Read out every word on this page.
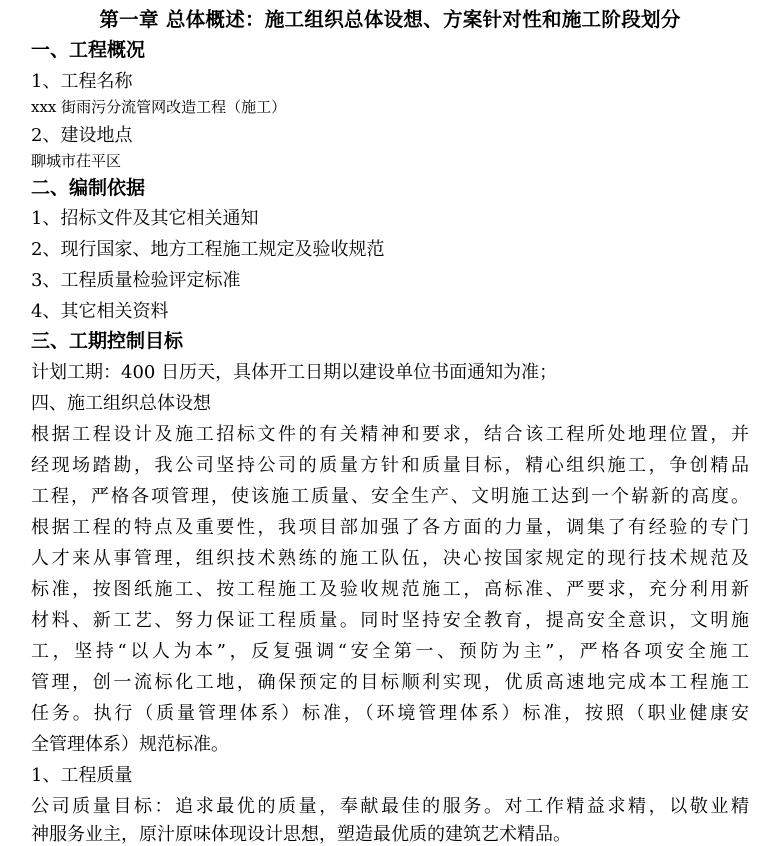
第一章 总体概述：施工组织总体设想、方案针对性和施工阶段划分
一、工程概况
1、工程名称
xxx 街雨污分流管网改造工程（施工）
2、建设地点
聊城市茌平区
二、编制依据
1、招标文件及其它相关通知
2、现行国家、地方工程施工规定及验收规范
3、工程质量检验评定标准
4、其它相关资料
三、工期控制目标
计划工期：400 日历天，具体开工日期以建设单位书面通知为准；
四、施工组织总体设想
根据工程设计及施工招标文件的有关精神和要求，结合该工程所处地理位置，并
经现场踏勘，我公司坚持公司的质量方针和质量目标，精心组织施工，争创精品
工程，严格各项管理，使该施工质量、安全生产、文明施工达到一个崭新的高度。
根据工程的特点及重要性，我项目部加强了各方面的力量，调集了有经验的专门
人才来从事管理，组织技术熟练的施工队伍，决心按国家规定的现行技术规范及
标准，按图纸施工、按工程施工及验收规范施工，高标准、严要求，充分利用新
材料、新工艺、努力保证工程质量。同时坚持安全教育，提高安全意识，文明施
工，坚持“以人为本”，反复强调“安全第一、预防为主”，严格各项安全施工
管理，创一流标化工地，确保预定的目标顺利实现，优质高速地完成本工程施工
任务。执行（质量管理体系）标准，（环境管理体系）标准，按照（职业健康安
全管理体系）规范标准。
1、工程质量
公司质量目标：追求最优的质量，奉献最佳的服务。对工作精益求精，以敬业精
神服务业主，原汁原味体现设计思想，塑造最优质的建筑艺术精品。
